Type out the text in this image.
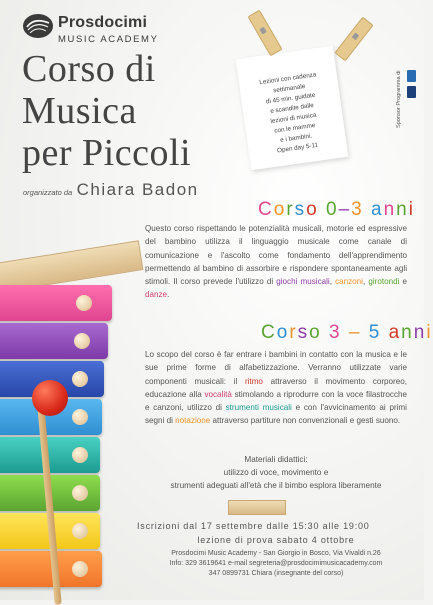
Prosdocimi
MUSIC ACADEMY
Corso di
Musica
per Piccoli
organizzato da Chiara Badon
Lezioni con cadenza
settimanale
di 45 min. guidate
e scandite dalle
lezioni di musica
con le mamme
e i bambini.
Open day 5-11
Sponsor Programma di
Corso 0–3 anni
Questo corso rispettando le potenzialità musicali, motorie ed espressive del bambino utilizza il linguaggio musicale come canale di comunicazione e l'ascolto come fondamento dell'apprendimento permettendo al bambino di assorbire e rispondere spontaneamente agli stimoli. Il corso prevede l'utilizzo di giochi musicali, canzoni, girotondi e danze.
Corso 3 – 5 anni
Lo scopo del corso è far entrare i bambini in contatto con la musica e le sue prime forme di alfabetizzazione. Verranno utilizzate varie componenti musicali: il ritmo attraverso il movimento corporeo, educazione alla vocalità stimolando a riprodurre con la voce filastrocche e canzoni, utilizzo di strumenti musicali e con l'avvicinamento ai primi segni di notazione attraverso partiture non convenzionali e gesti suono.
Materiali didattici:
utilizzo di voce, movimento e
strumenti adeguati all'età che il bimbo esplora liberamente
Iscrizioni dal 17 settembre dalle 15:30 alle 19:00
lezione di prova sabato 4 ottobre
Prosdocimi Music Academy - San Giorgio in Bosco, Via Vivaldi n.26
Info: 329 3619641 e-mail segreteria@prosdocimimusicacademy.com
347 0899731 Chiara (insegnante del corso)
